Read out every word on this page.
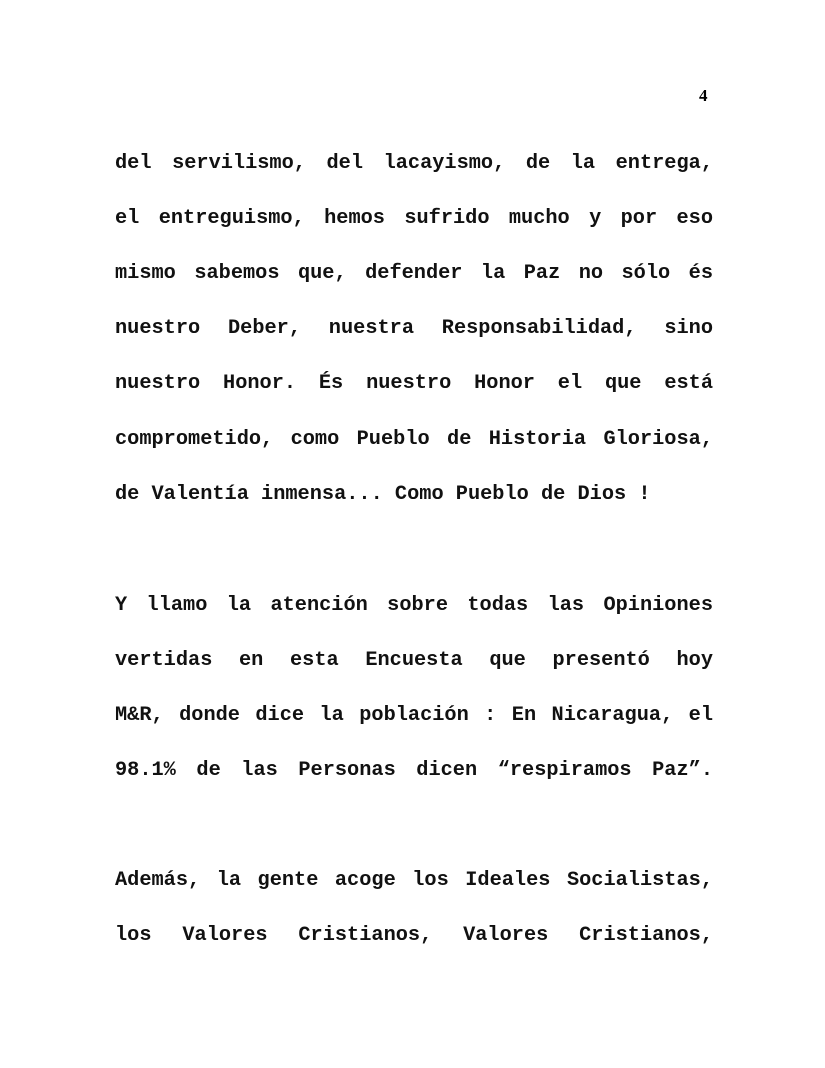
4
del servilismo, del lacayismo, de la entrega,
el entreguismo, hemos sufrido mucho y por eso
mismo sabemos que, defender la Paz no sólo és
nuestro Deber, nuestra Responsabilidad, sino
nuestro Honor. És nuestro Honor el que está
comprometido, como Pueblo de Historia Gloriosa,
de Valentía inmensa... Como Pueblo de Dios !
Y llamo la atención sobre todas las Opiniones
vertidas en esta Encuesta que presentó hoy
M&R, donde dice la población : En Nicaragua, el
98.1% de las Personas dicen “respiramos Paz”.
Además, la gente acoge los Ideales Socialistas,
los Valores Cristianos, Valores Cristianos,
